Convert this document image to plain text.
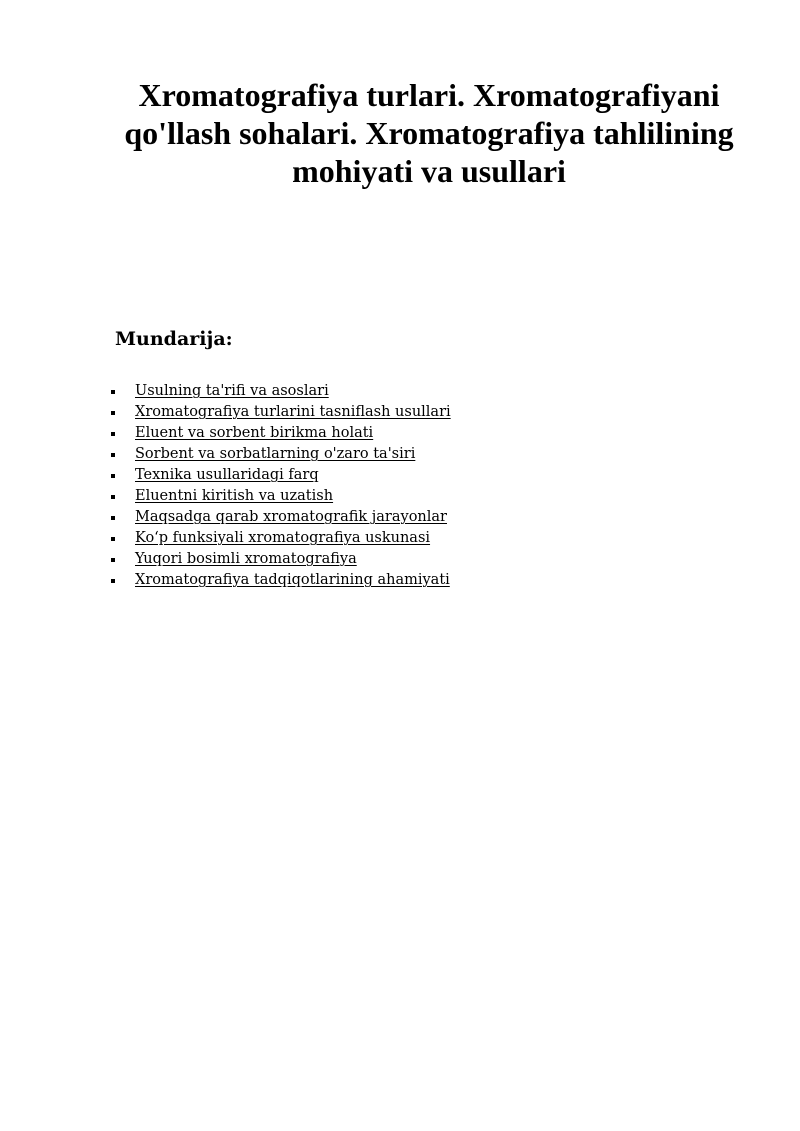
Xromatografiya turlari. Xromatografiyani
qo'llash sohalari. Xromatografiya tahlilining
mohiyati va usullari
Mundarija:
Usulning ta'rifi va asoslari
Xromatografiya turlarini tasniflash usullari
Eluent va sorbent birikma holati
Sorbent va sorbatlarning o'zaro ta'siri
Texnika usullaridagi farq
Eluentni kiritish va uzatish
Maqsadga qarab xromatografik jarayonlar
Ko‘p funksiyali xromatografiya uskunasi
Yuqori bosimli xromatografiya
Xromatografiya tadqiqotlarining ahamiyati
